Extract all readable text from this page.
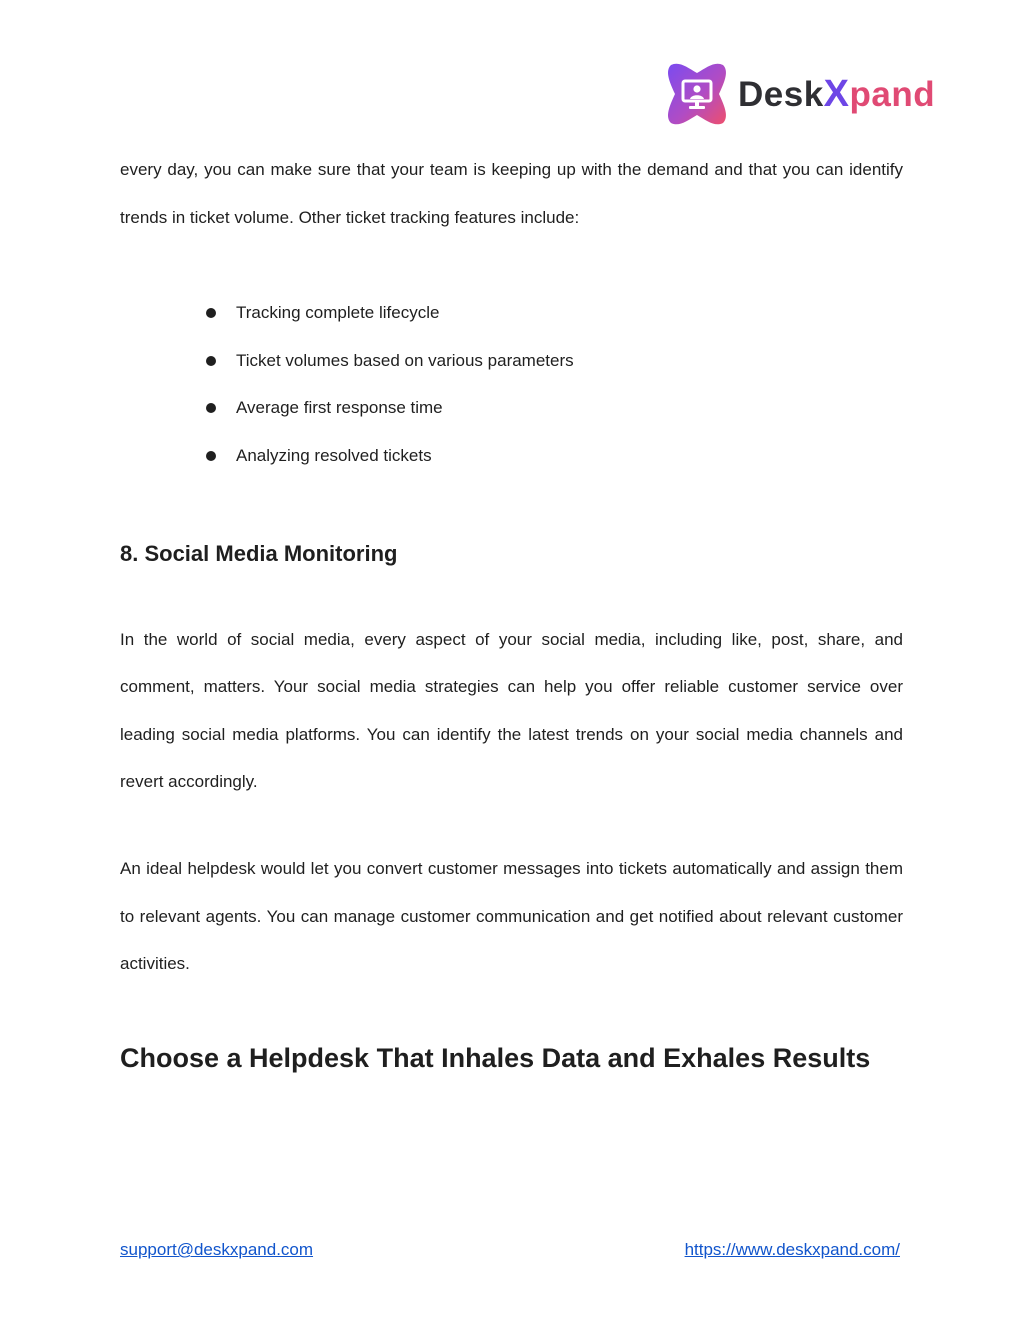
DeskXpand

every day, you can make sure that your team is keeping up with the demand and that you can identify trends in ticket volume. Other ticket tracking features include:

Tracking complete lifecycle
Ticket volumes based on various parameters
Average first response time
Analyzing resolved tickets
8. Social Media Monitoring

In the world of social media, every aspect of your social media, including like, post, share, and comment, matters. Your social media strategies can help you offer reliable customer service over leading social media platforms. You can identify the latest trends on your social media channels and revert accordingly.

An ideal helpdesk would let you convert customer messages into tickets automatically and assign them to relevant agents. You can manage customer communication and get notified about relevant customer activities.

Choose a Helpdesk That Inhales Data and Exhales Results
support@deskxpand.com	https://www.deskxpand.com/
